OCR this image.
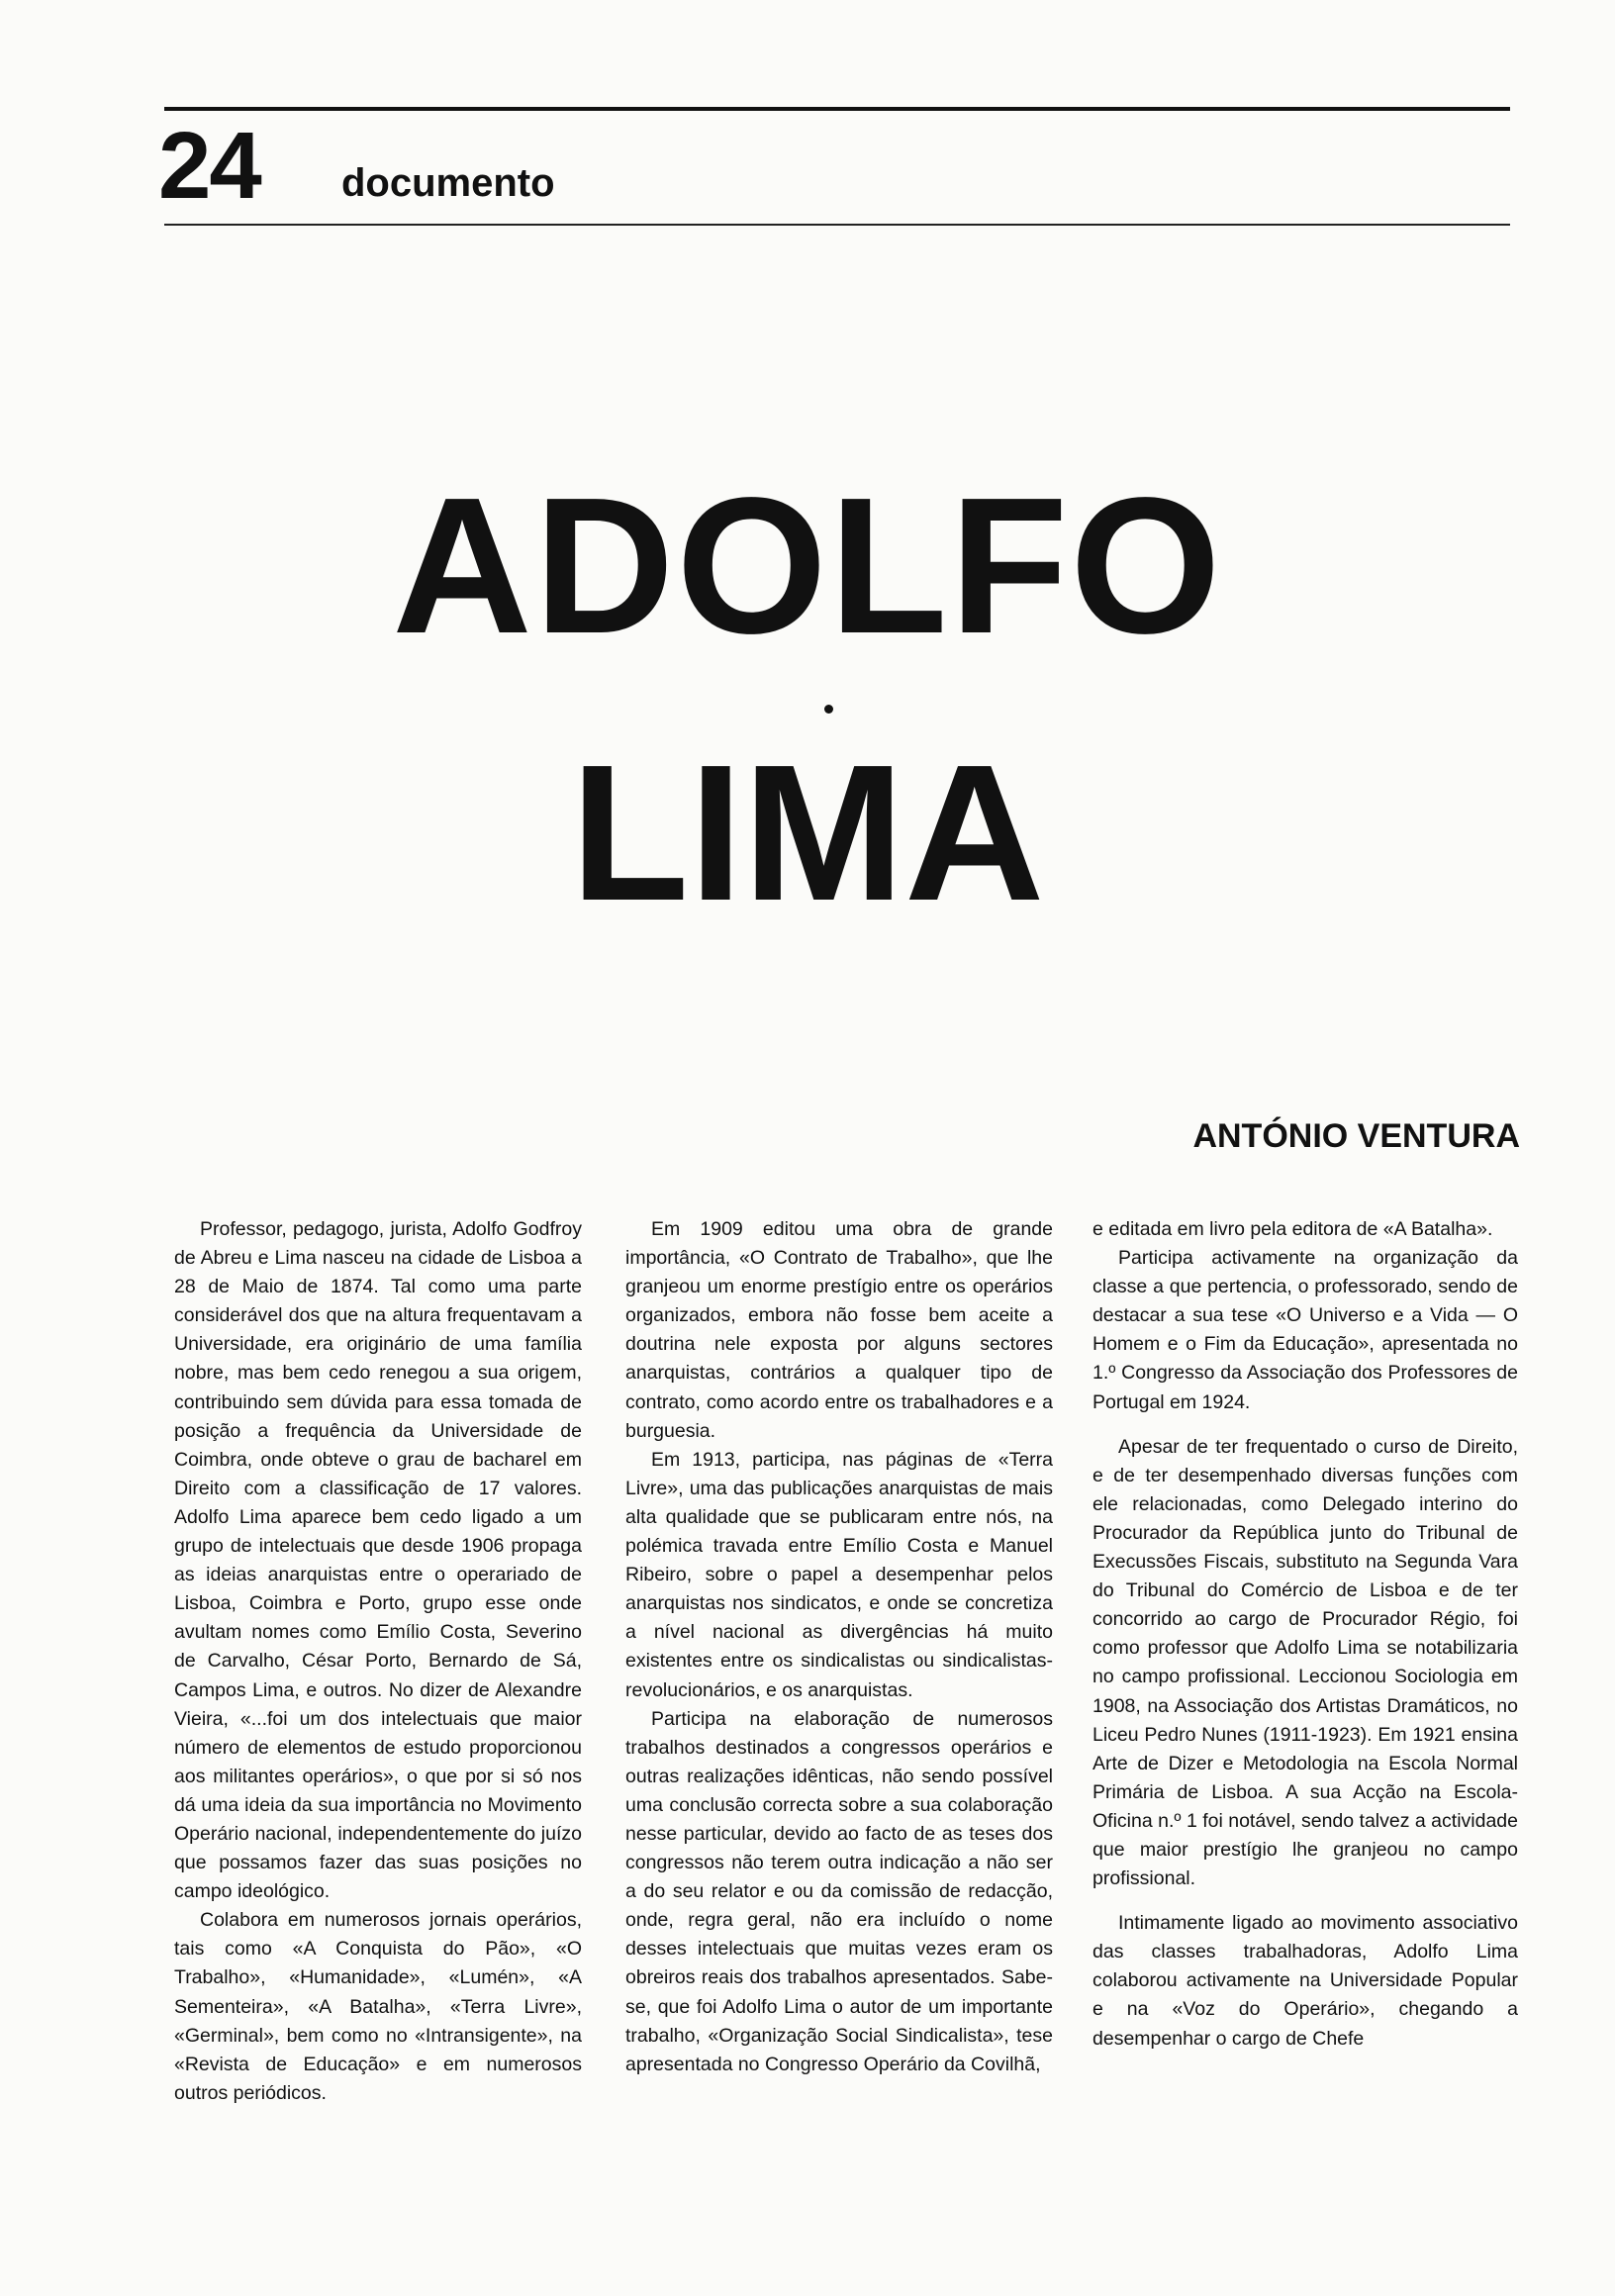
24 documento
ADOLFO
LIMA
ANTÓNIO VENTURA

Professor, pedagogo, jurista, Adolfo Godfroy de Abreu e Lima nasceu na cidade de Lisboa a 28 de Maio de 1874. Tal como uma parte considerável dos que na altura frequentavam a Universidade, era originário de uma família nobre, mas bem cedo renegou a sua origem, contribuindo sem dúvida para essa tomada de posição a frequência da Universidade de Coimbra, onde obteve o grau de bacharel em Direito com a classificação de 17 valores. Adolfo Lima aparece bem cedo ligado a um grupo de intelectuais que desde 1906 propaga as ideias anarquistas entre o operariado de Lisboa, Coimbra e Porto, grupo esse onde avultam nomes como Emílio Costa, Severino de Carvalho, César Porto, Bernardo de Sá, Campos Lima, e outros. No dizer de Alexandre Vieira, «...foi um dos intelectuais que maior número de elementos de estudo proporcionou aos militantes operários», o que por si só nos dá uma ideia da sua importância no Movimento Operário nacional, independentemente do juízo que possamos fazer das suas posições no campo ideológico.

Colabora em numerosos jornais operários, tais como «A Conquista do Pão», «O Trabalho», «Humanidade», «Lumén», «A Sementeira», «A Batalha», «Terra Livre», «Germinal», bem como no «Intransigente», na «Revista de Educação» e em numerosos outros periódicos.

Em 1909 editou uma obra de grande importância, «O Contrato de Trabalho», que lhe granjeou um enorme prestígio entre os operários organizados, embora não fosse bem aceite a doutrina nele exposta por alguns sectores anarquistas, contrários a qualquer tipo de contrato, como acordo entre os trabalhadores e a burguesia.

Em 1913, participa, nas páginas de «Terra Livre», uma das publicações anarquistas de mais alta qualidade que se publicaram entre nós, na polémica travada entre Emílio Costa e Manuel Ribeiro, sobre o papel a desempenhar pelos anarquistas nos sindicatos, e onde se concretiza a nível nacional as divergências há muito existentes entre os sindicalistas ou sindicalistas-revolucionários, e os anarquistas.

Participa na elaboração de numerosos trabalhos destinados a congressos operários e outras realizações idênticas, não sendo possível uma conclusão correcta sobre a sua colaboração nesse particular, devido ao facto de as teses dos congressos não terem outra indicação a não ser a do seu relator e ou da comissão de redacção, onde, regra geral, não era incluído o nome desses intelectuais que muitas vezes eram os obreiros reais dos trabalhos apresentados. Sabe-se, que foi Adolfo Lima o autor de um importante trabalho, «Organização Social Sindicalista», tese apresentada no Congresso Operário da Covilhã,

e editada em livro pela editora de «A Batalha».

Participa activamente na organização da classe a que pertencia, o professorado, sendo de destacar a sua tese «O Universo e a Vida — O Homem e o Fim da Educação», apresentada no 1.º Congresso da Associação dos Professores de Portugal em 1924.

Apesar de ter frequentado o curso de Direito, e de ter desempenhado diversas funções com ele relacionadas, como Delegado interino do Procurador da República junto do Tribunal de Execussões Fiscais, substituto na Segunda Vara do Tribunal do Comércio de Lisboa e de ter concorrido ao cargo de Procurador Régio, foi como professor que Adolfo Lima se notabilizaria no campo profissional. Leccionou Sociologia em 1908, na Associação dos Artistas Dramáticos, no Liceu Pedro Nunes (1911-1923). Em 1921 ensina Arte de Dizer e Metodologia na Escola Normal Primária de Lisboa. A sua Acção na Escola-Oficina n.º 1 foi notável, sendo talvez a actividade que maior prestígio lhe granjeou no campo profissional.

Intimamente ligado ao movimento associativo das classes trabalhadoras, Adolfo Lima colaborou activamente na Universidade Popular e na «Voz do Operário», chegando a desempenhar o cargo de Chefe
